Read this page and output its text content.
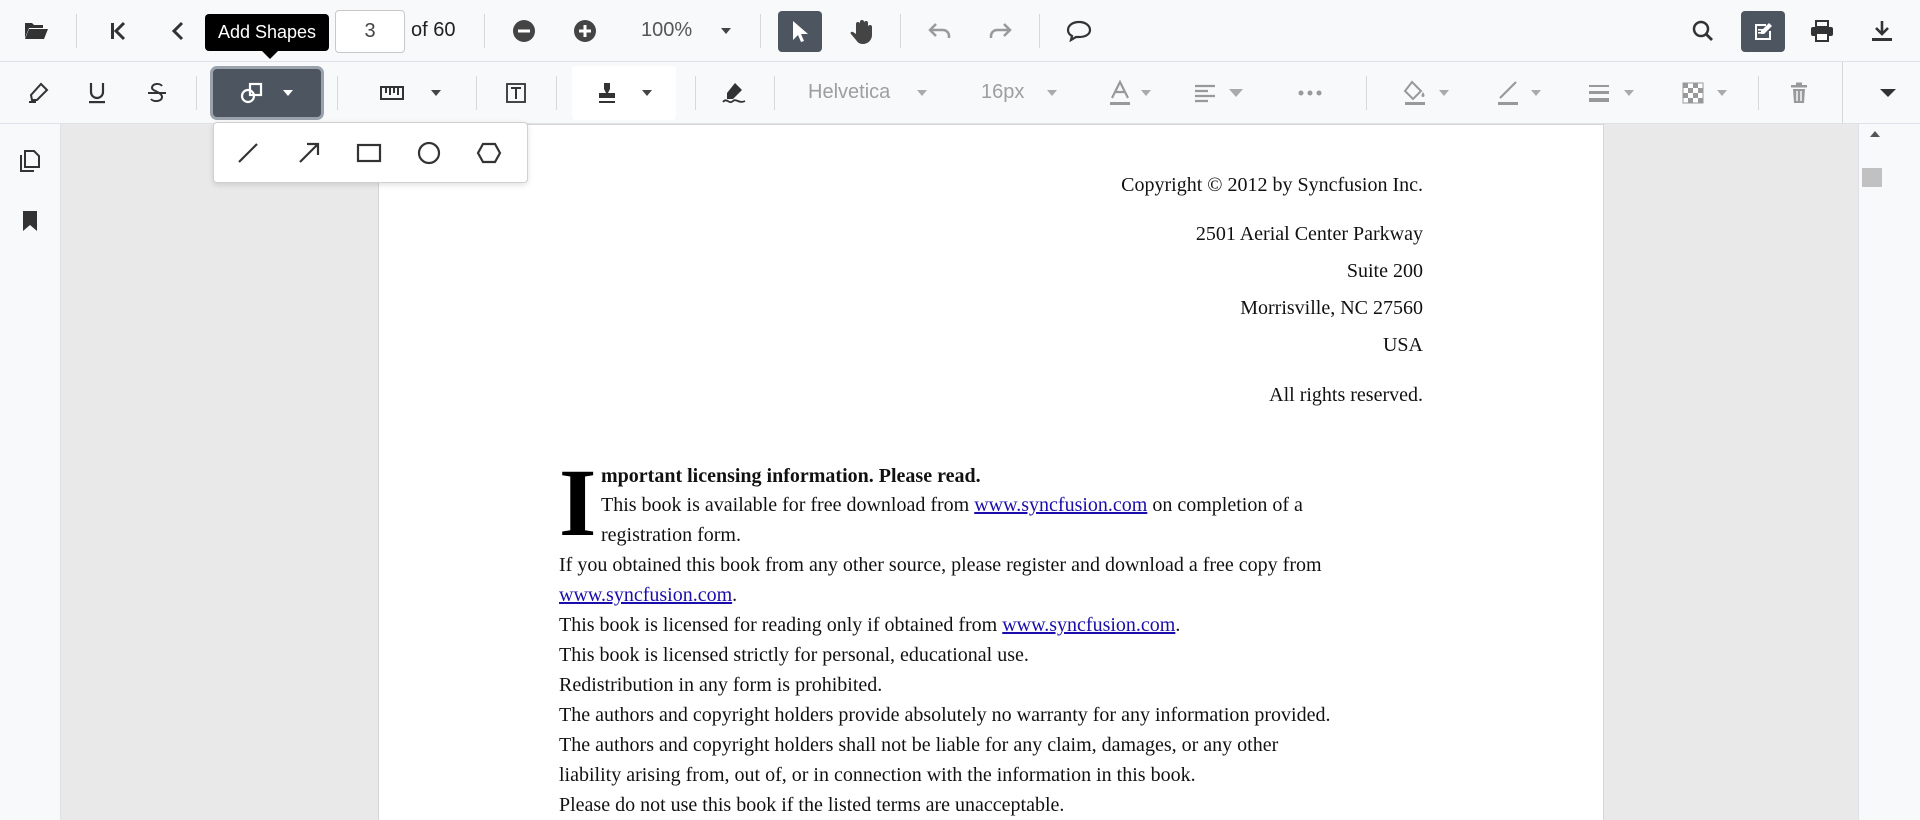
3	of 60	100%
Helvetica	16px
Copyright © 2012 by Syncfusion Inc.
2501 Aerial Center Parkway
Suite 200
Morrisville, NC 27560
USA
All rights reserved.
I mportant licensing information. Please read.
This book is available for free download from www.syncfusion.com on completion of a
registration form.
If you obtained this book from any other source, please register and download a free copy from
www.syncfusion.com.
This book is licensed for reading only if obtained from www.syncfusion.com.
This book is licensed strictly for personal, educational use.
Redistribution in any form is prohibited.
The authors and copyright holders provide absolutely no warranty for any information provided.
The authors and copyright holders shall not be liable for any claim, damages, or any other
liability arising from, out of, or in connection with the information in this book.
Please do not use this book if the listed terms are unacceptable.
Add Shapes
